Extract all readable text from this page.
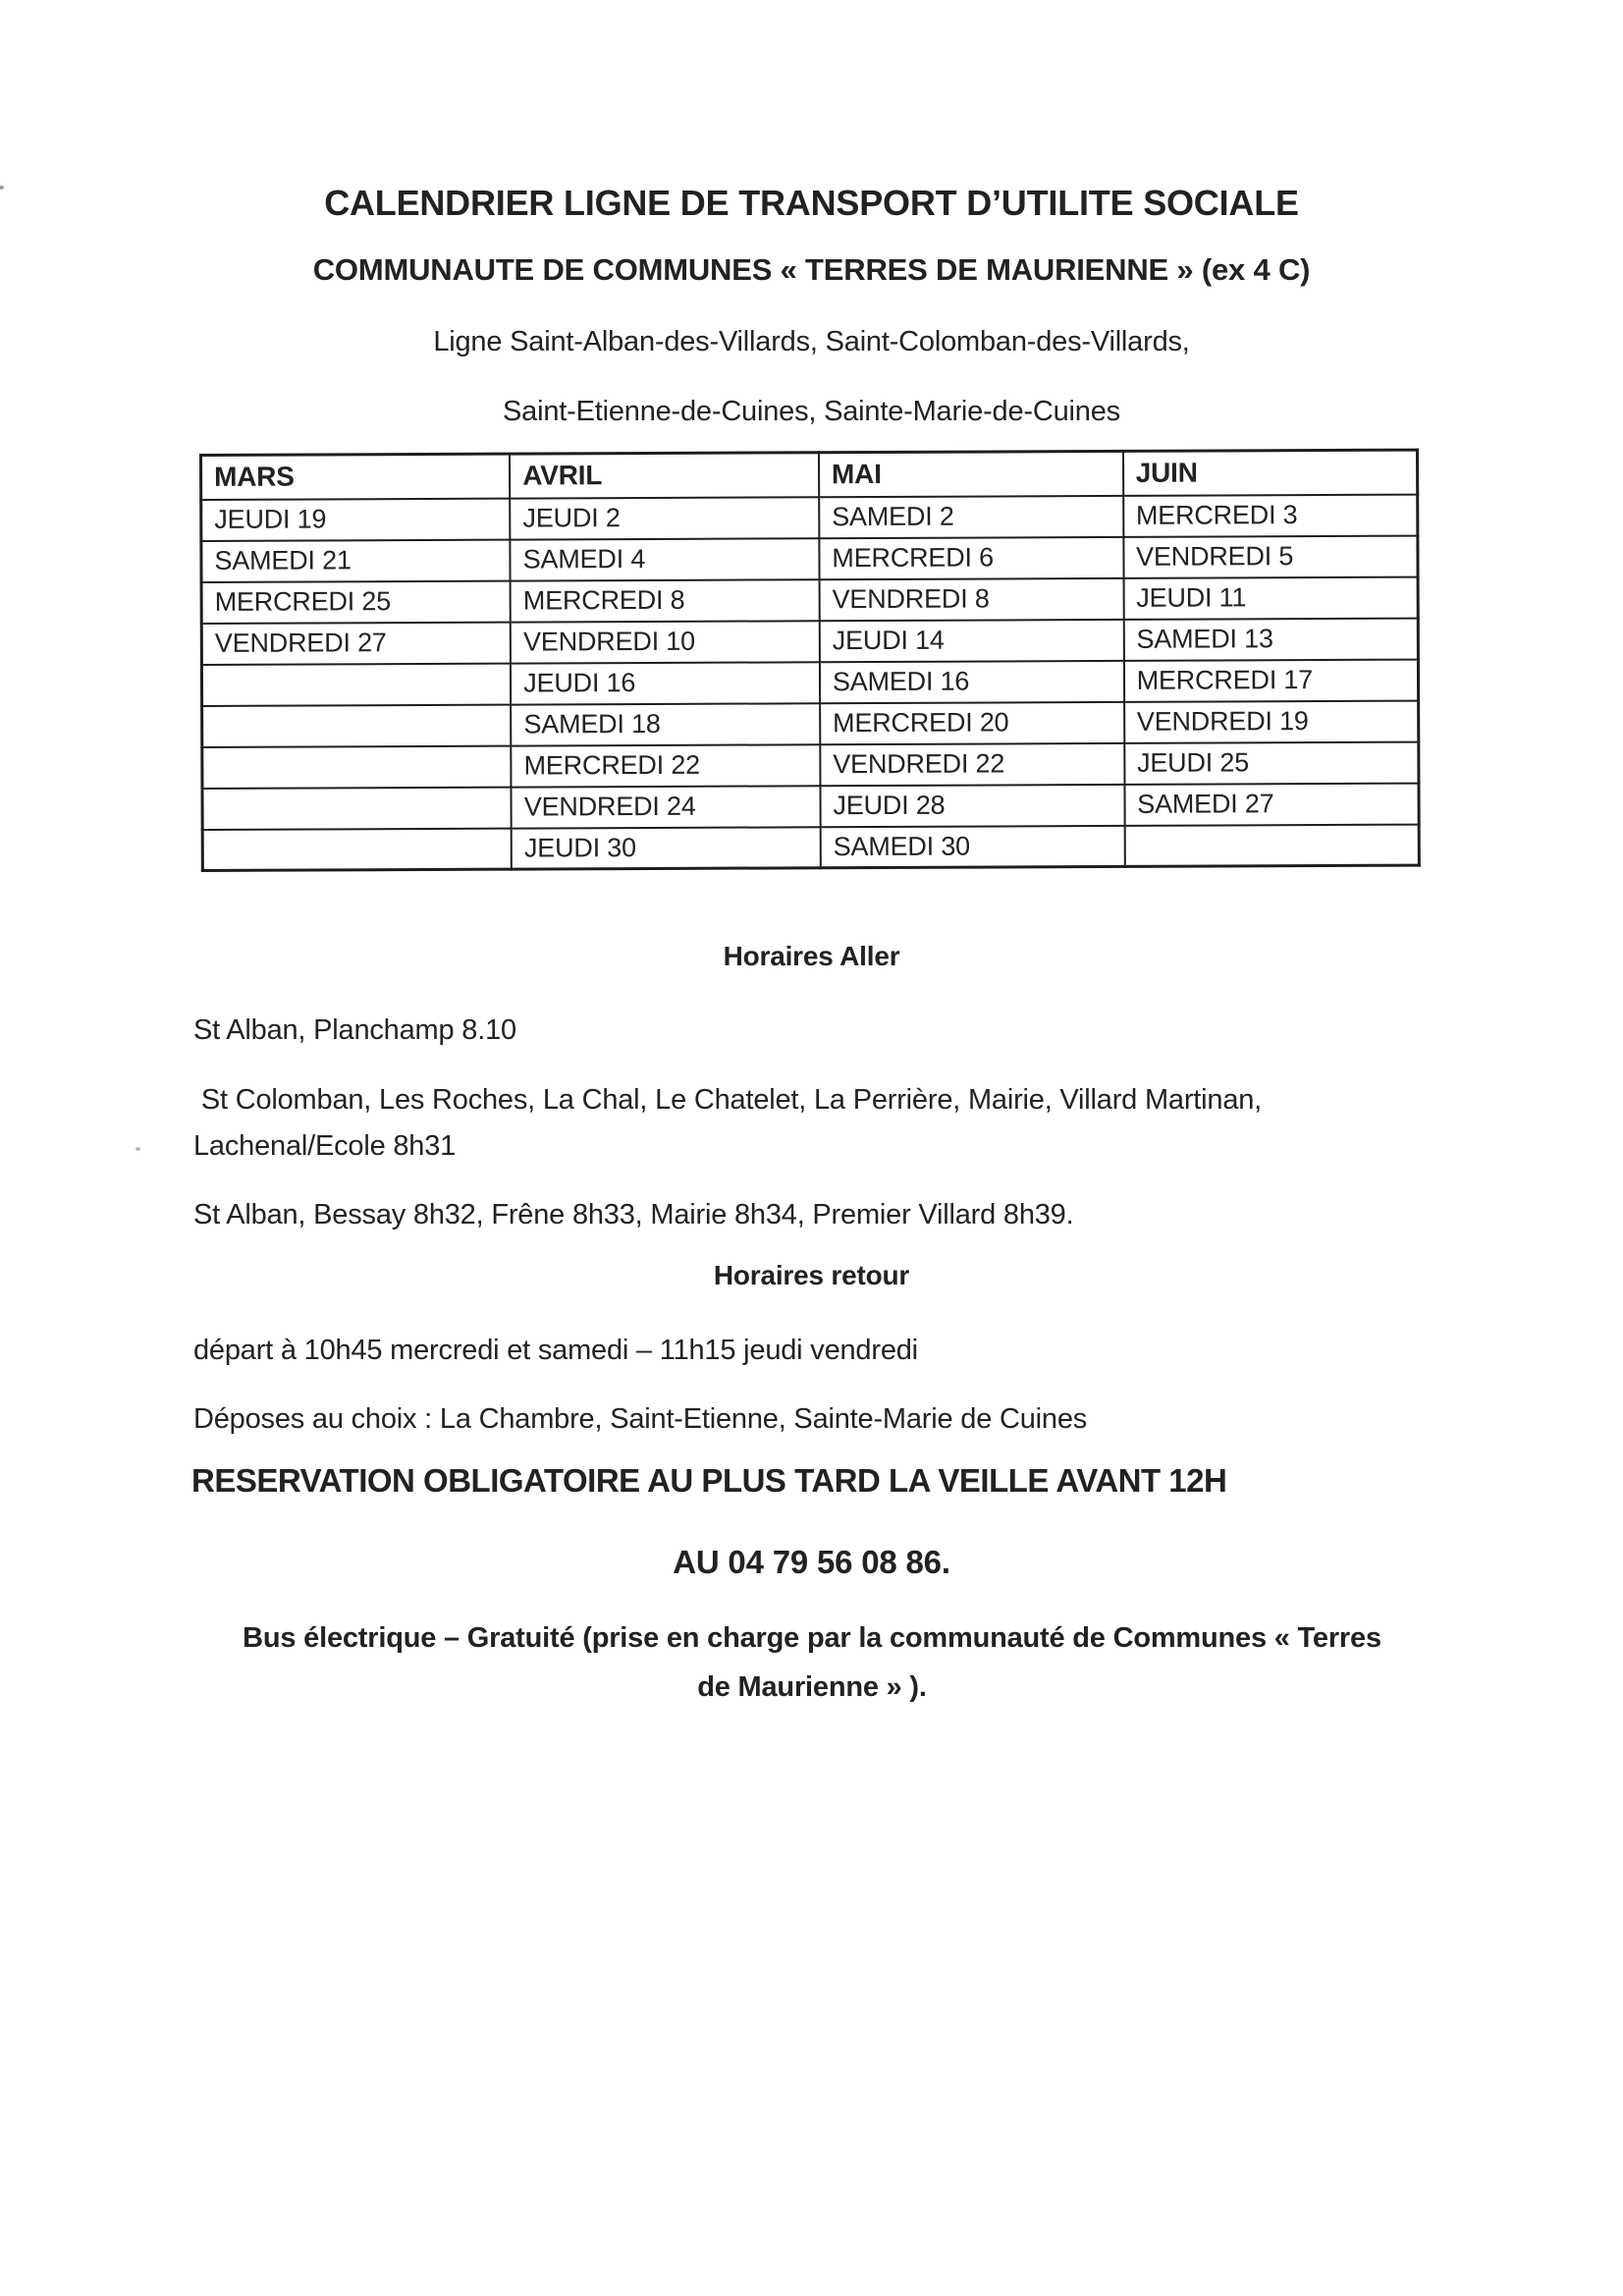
CALENDRIER LIGNE DE TRANSPORT D’UTILITE SOCIALE
COMMUNAUTE DE COMMUNES « TERRES DE MAURIENNE » (ex 4 C)
Ligne Saint-Alban-des-Villards, Saint-Colomban-des-Villards,
Saint-Etienne-de-Cuines, Sainte-Marie-de-Cuines
MARS	AVRIL	MAI	JUIN
JEUDI 19	JEUDI 2	SAMEDI 2	MERCREDI 3
SAMEDI 21	SAMEDI 4	MERCREDI 6	VENDREDI 5
MERCREDI 25	MERCREDI 8	VENDREDI 8	JEUDI 11
VENDREDI 27	VENDREDI 10	JEUDI 14	SAMEDI 13
	JEUDI 16	SAMEDI 16	MERCREDI 17
	SAMEDI 18	MERCREDI 20	VENDREDI 19
	MERCREDI 22	VENDREDI 22	JEUDI 25
	VENDREDI 24	JEUDI 28	SAMEDI 27
	JEUDI 30	SAMEDI 30	
Horaires Aller
St Alban, Planchamp 8.10
St Colomban, Les Roches, La Chal, Le Chatelet, La Perrière, Mairie, Villard Martinan, Lachenal/Ecole 8h31
St Alban, Bessay 8h32, Frêne 8h33, Mairie 8h34, Premier Villard 8h39.
Horaires retour
départ à 10h45 mercredi et samedi – 11h15 jeudi vendredi
Déposes au choix : La Chambre, Saint-Etienne, Sainte-Marie de Cuines
RESERVATION OBLIGATOIRE AU PLUS TARD LA VEILLE AVANT 12H
AU 04 79 56 08 86.
Bus électrique – Gratuité (prise en charge par la communauté de Communes « Terres de Maurienne » ).
